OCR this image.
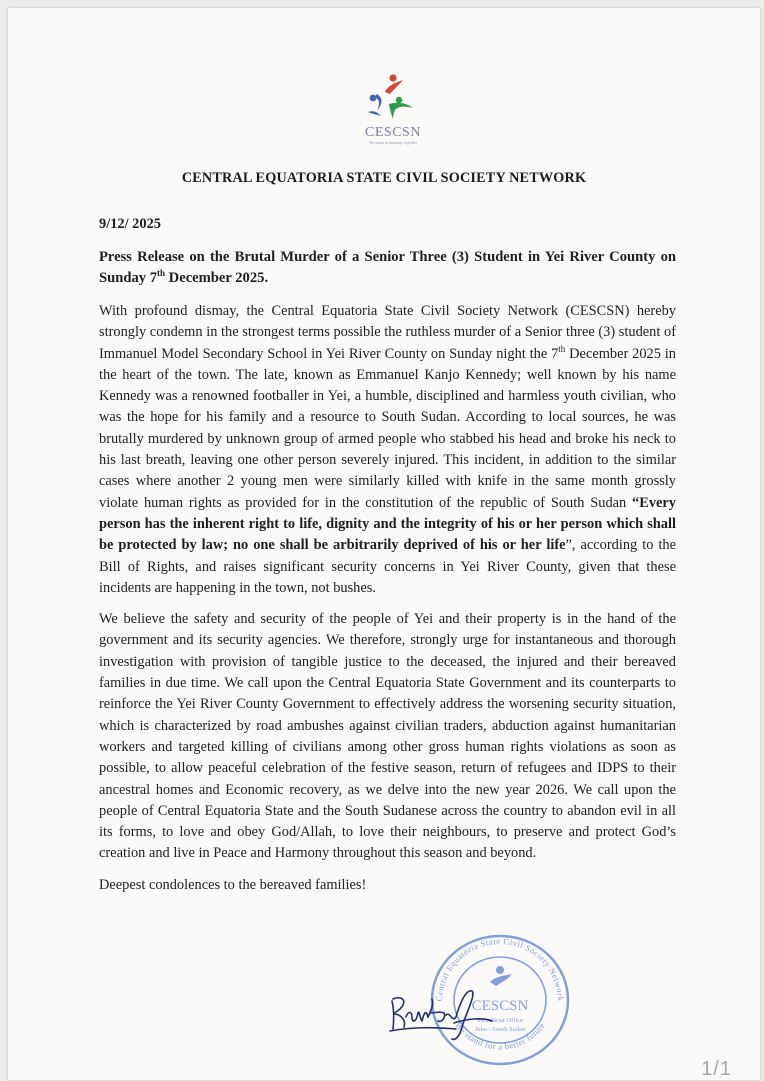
CESCSN
We stand in harmony together
CENTRAL EQUATORIA STATE CIVIL SOCIETY NETWORK

9/12/ 2025

Press Release on the Brutal Murder of a Senior Three (3) Student in Yei River County on Sunday 7th December 2025.

With profound dismay, the Central Equatoria State Civil Society Network (CESCSN) hereby strongly condemn in the strongest terms possible the ruthless murder of a Senior three (3) student of Immanuel Model Secondary School in Yei River County on Sunday night the 7th December 2025 in the heart of the town. The late, known as Emmanuel Kanjo Kennedy; well known by his name Kennedy was a renowned footballer in Yei, a humble, disciplined and harmless youth civilian, who was the hope for his family and a resource to South Sudan. According to local sources, he was brutally murdered by unknown group of armed people who stabbed his head and broke his neck to his last breath, leaving one other person severely injured. This incident, in addition to the similar cases where another 2 young men were similarly killed with knife in the same month grossly violate human rights as provided for in the constitution of the republic of South Sudan “Every person has the inherent right to life, dignity and the integrity of his or her person which shall be protected by law; no one shall be arbitrarily deprived of his or her life”, according to the Bill of Rights, and raises significant security concerns in Yei River County, given that these incidents are happening in the town, not bushes.

We believe the safety and security of the people of Yei and their property is in the hand of the government and its security agencies. We therefore, strongly urge for instantaneous and thorough investigation with provision of tangible justice to the deceased, the injured and their bereaved families in due time. We call upon the Central Equatoria State Government and its counterparts to reinforce the Yei River County Government to effectively address the worsening security situation, which is characterized by road ambushes against civilian traders, abduction against humanitarian workers and targeted killing of civilians among other gross human rights violations as soon as possible, to allow peaceful celebration of the festive season, return of refugees and IDPS to their ancestral homes and Economic recovery, as we delve into the new year 2026. We call upon the people of Central Equatoria State and the South Sudanese across the country to abandon evil in all its forms, to love and obey God/Allah, to love their neighbours, to preserve and protect God’s creation and live in Peace and Harmony throughout this season and beyond.

Deepest condolences to the bereaved families!

Central Equatoria State Civil Society Network
We stand for a better future
CESCSN
Secretariat Office
Juba - South Sudan
1/1
